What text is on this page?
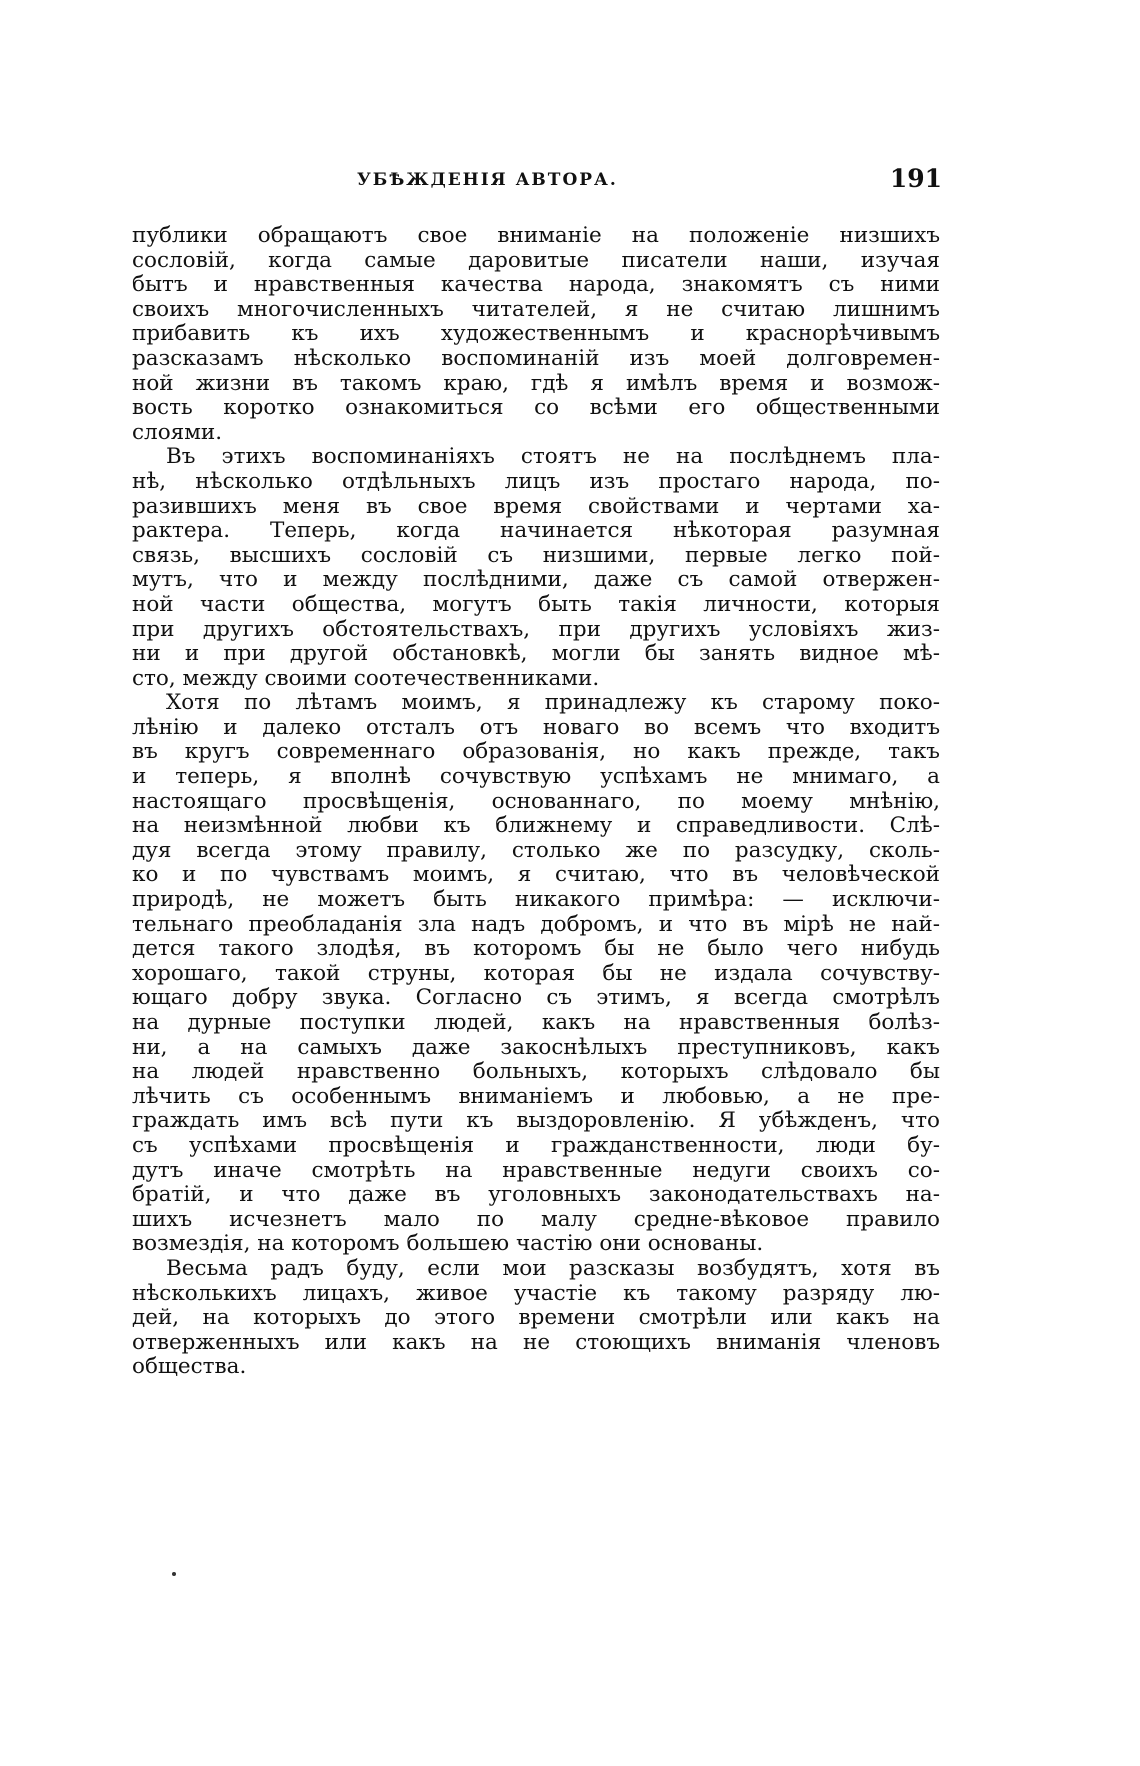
УБѢЖДЕНІЯ АВТОРА.	191
публики обращаютъ свое вниманіе на положеніе низшихъ
сословій, когда самые даровитые писатели наши, изучая
бытъ и нравственныя качества народа, знакомятъ съ ними
своихъ многочисленныхъ читателей, я не считаю лишнимъ
прибавить къ ихъ художественнымъ и краснорѣчивымъ
разсказамъ нѣсколько воспоминаній изъ моей долговремен-
ной жизни въ такомъ краю, гдѣ я имѣлъ время и возмож-
вость коротко ознакомиться со всѣми его общественными
слоями.
Въ этихъ воспоминаніяхъ стоятъ не на послѣднемъ пла-
нѣ, нѣсколько отдѣльныхъ лицъ изъ простаго народа, по-
разившихъ меня въ свое время свойствами и чертами ха-
рактера. Теперь, когда начинается нѣкоторая разумная
связь, высшихъ сословій съ низшими, первые легко пой-
мутъ, что и между послѣдними, даже съ самой отвержен-
ной части общества, могутъ быть такія личности, которыя
при другихъ обстоятельствахъ, при другихъ условіяхъ жиз-
ни и при другой обстановкѣ, могли бы занять видное мѣ-
сто, между своими соотечественниками.
Хотя по лѣтамъ моимъ, я принадлежу къ старому поко-
лѣнію и далеко отсталъ отъ новаго во всемъ что входитъ
въ кругъ современнаго образованія, но какъ прежде, такъ
и теперь, я вполнѣ сочувствую успѣхамъ не мнимаго, а
настоящаго просвѣщенія, основаннаго, по моему мнѣнію,
на неизмѣнной любви къ ближнему и справедливости. Слѣ-
дуя всегда этому правилу, столько же по разсудку, сколь-
ко и по чувствамъ моимъ, я считаю, что въ человѣческой
природѣ, не можетъ быть никакого примѣра: — исключи-
тельнаго преобладанія зла надъ добромъ, и что въ мірѣ не най-
дется такого злодѣя, въ которомъ бы не было чего нибудь
хорошаго, такой струны, которая бы не издала сочувству-
ющаго добру звука. Согласно съ этимъ, я всегда смотрѣлъ
на дурные поступки людей, какъ на нравственныя болѣз-
ни, а на самыхъ даже закоснѣлыхъ преступниковъ, какъ
на людей нравственно больныхъ, которыхъ слѣдовало бы
лѣчить съ особеннымъ вниманіемъ и любовью, а не пре-
граждать имъ всѣ пути къ выздоровленію. Я убѣжденъ, что
съ успѣхами просвѣщенія и гражданственности, люди бу-
дутъ иначе смотрѣть на нравственные недуги своихъ со-
братій, и что даже въ уголовныхъ законодательствахъ на-
шихъ исчезнетъ мало по малу средне-вѣковое правило
возмездія, на которомъ большею частію они основаны.
Весьма радъ буду, если мои разсказы возбудятъ, хотя въ
нѣсколькихъ лицахъ, живое участіе къ такому разряду лю-
дей, на которыхъ до этого времени смотрѣли или какъ на
отверженныхъ или какъ на не стоющихъ вниманія членовъ
общества.
